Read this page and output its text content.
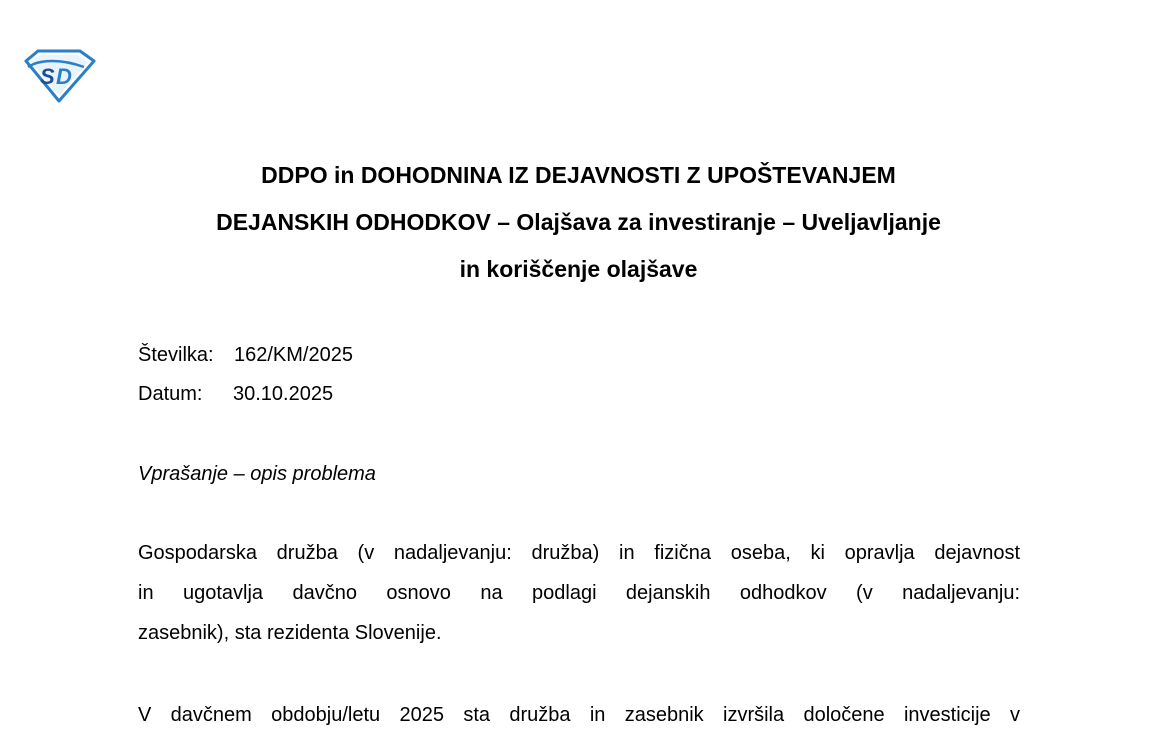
S D
DDPO in DOHODNINA IZ DEJAVNOSTI Z UPOŠTEVANJEM
DEJANSKIH ODHODKOV – Olajšava za investiranje – Uveljavljanje
in koriščenje olajšave
Številka: 162/KM/2025
Datum: 30.10.2025
Vprašanje – opis problema
Gospodarska družba (v nadaljevanju: družba) in fizična oseba, ki opravlja dejavnost
in ugotavlja davčno osnovo na podlagi dejanskih odhodkov (v nadaljevanju:
zasebnik), sta rezidenta Slovenije.
V davčnem obdobju/letu 2025 sta družba in zasebnik izvršila določene investicije v
